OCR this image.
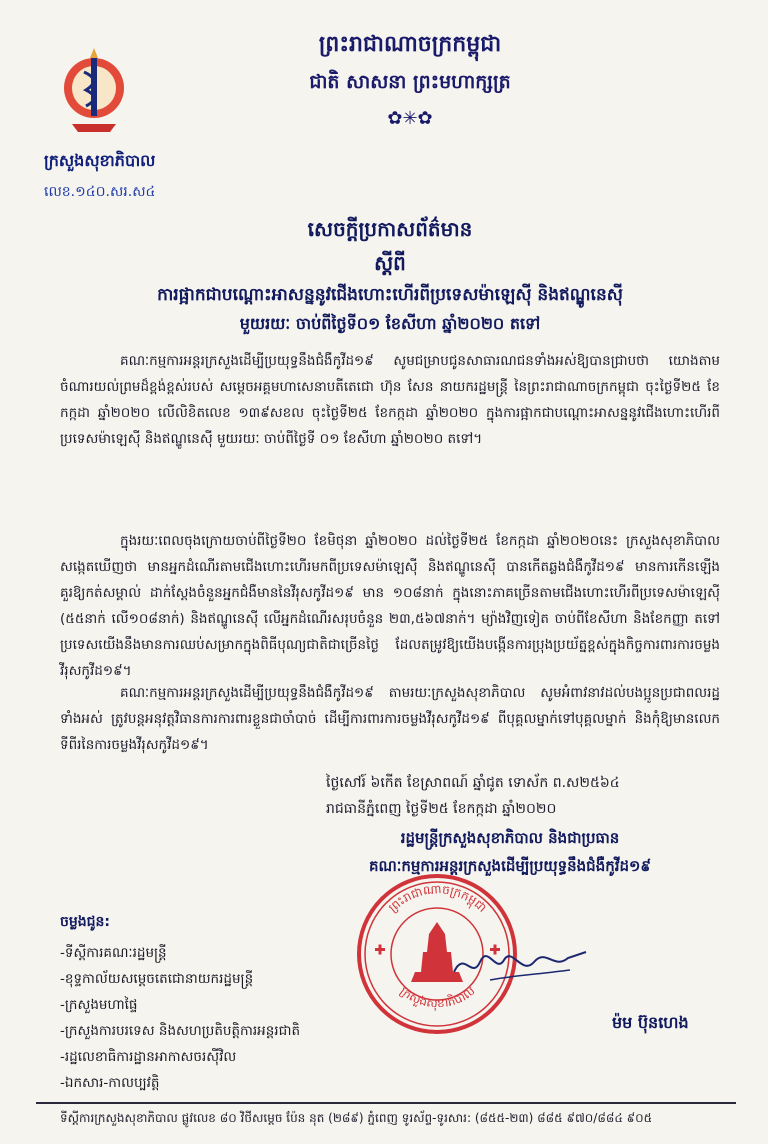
ក្រសួងសុខាភិបាល
លេខ.១៤០.សរ.ស៤
ព្រះរាជាណាចក្រកម្ពុជា
ជាតិ សាសនា ព្រះមហាក្សត្រ
✿✳✿
សេចក្តីប្រកាសព័ត៌មាន
ស្តីពី
ការផ្អាកជាបណ្តោះអាសន្ននូវជើងហោះហើរពីប្រទេសម៉ាឡេស៊ី និងឥណ្ឌូនេស៊ី
មួយរយៈ ចាប់ពីថ្ងៃទី០១ ខែសីហា ឆ្នាំ២០២០ តទៅ
គណៈកម្មការអន្តរក្រសួងដើម្បីប្រយុទ្ធនឹងជំងឺកូវីដ១៩ សូមជម្រាបជូនសាធារណជនទាំងអស់ឱ្យបានជ្រាបថា យោងតាមចំណារយល់ព្រមដ៏ខ្ពង់ខ្ពស់របស់ សម្តេចអគ្គមហាសេនាបតីតេជោ ហ៊ុន សែន នាយករដ្ឋមន្ត្រី នៃព្រះរាជាណាចក្រកម្ពុជា ចុះថ្ងៃទី២៥ ខែកក្កដា ឆ្នាំ២០២០ លើលិខិតលេខ ១៣៩សខល ចុះថ្ងៃទី២៥ ខែកក្កដា ឆ្នាំ២០២០ ក្នុងការផ្អាកជាបណ្តោះអាសន្ននូវជើងហោះហើរពីប្រទេសម៉ាឡេស៊ី និងឥណ្ឌូនេស៊ី មួយរយៈ ចាប់ពីថ្ងៃទី ០១ ខែសីហា ឆ្នាំ២០២០ តទៅ។
ក្នុងរយៈពេលចុងក្រោយចាប់ពីថ្ងៃទី២០ ខែមិថុនា ឆ្នាំ២០២០ ដល់ថ្ងៃទី២៥ ខែកក្កដា ឆ្នាំ២០២០នេះ ក្រសួងសុខាភិបាល សង្កេតឃើញថា មានអ្នកដំណើរតាមជើងហោះហើរមកពីប្រទេសម៉ាឡេស៊ី និងឥណ្ឌូនេស៊ី បានកើតឆ្លងជំងឺកូវីដ១៩ មានការកើនឡើងគួរឱ្យកត់សម្គាល់ ដាក់ស្តែងចំនួនអ្នកជំងឺមាននៃវីរុសកូវីដ១៩ មាន ១០៨នាក់ ក្នុងនោះភាគច្រើនតាមជើងហោះហើរពីប្រទេសម៉ាឡេស៊ី (៥៥នាក់ លើ១០៨នាក់) និងឥណ្ឌូនេស៊ី លើអ្នកដំណើរសរុបចំនួន ២៣,៥៦៧នាក់។ ម្យ៉ាងវិញទៀត ចាប់ពីខែសីហា និងខែកញ្ញា តទៅ ប្រទេសយើងនឹងមានការឈប់សម្រាកក្នុងពិធីបុណ្យជាតិជាច្រើនថ្ងៃ ដែលតម្រូវឱ្យយើងបង្កើនការប្រុងប្រយ័ត្នខ្ពស់ក្នុងកិច្ចការពារការចម្លងវីរុសកូវីដ១៩។
គណៈកម្មការអន្តរក្រសួងដើម្បីប្រយុទ្ធនឹងជំងឺកូវីដ១៩ តាមរយៈក្រសួងសុខាភិបាល សូមអំពាវនាវដល់បងប្អូនប្រជាពលរដ្ឋទាំងអស់ ត្រូវបន្តអនុវត្តវិធានការការពារខ្លួនជាចាំបាច់ ដើម្បីការពារការចម្លងវីរុសកូវីដ១៩ ពីបុគ្គលម្នាក់ទៅបុគ្គលម្នាក់ និងកុំឱ្យមានលេកទីពីរនៃការចម្លងវីរុសកូវីដ១៩។
ថ្ងៃសៅរ៍ ៦កើត ខែស្រាពណ៍ ឆ្នាំជូត ទោស័ក ព.ស២៥៦៤
រាជធានីភ្នំពេញ ថ្ងៃទី២៥ ខែកក្កដា ឆ្នាំ២០២០
រដ្ឋមន្ត្រីក្រសួងសុខាភិបាល និងជាប្រធាន
គណៈកម្មការអន្តរក្រសួងដើម្បីប្រយុទ្ធនឹងជំងឺកូវីដ១៩
ចម្លងជូន:
-ទីស្តីការគណៈរដ្ឋមន្ត្រី
-ខុទ្ទកាល័យសម្តេចតេជោនាយករដ្ឋមន្ត្រី
-ក្រសួងមហាផ្ទៃ
-ក្រសួងការបរទេស និងសហប្រតិបត្តិការអន្តរជាតិ
-រដ្ឋលេខាធិការដ្ឋានអាកាសចរស៊ីវិល
-ឯកសារ-កាលប្បវត្តិ
ព្រះរាជាណាចក្រកម្ពុជា
ក្រសួងសុខាភិបាល
ម៉ម ប៊ុនហេង
ទីស្តីការក្រសួងសុខាភិបាល ផ្លូវលេខ ៨០ វិថីសម្តេច ប៉ែន នុត (២៨៩) ភ្នំពេញ ទូរស័ព្ទ-ទូរសារ: (៨៥៥-២៣) ៨៨៥ ៩៧០/៨៨៤ ៩០៥
